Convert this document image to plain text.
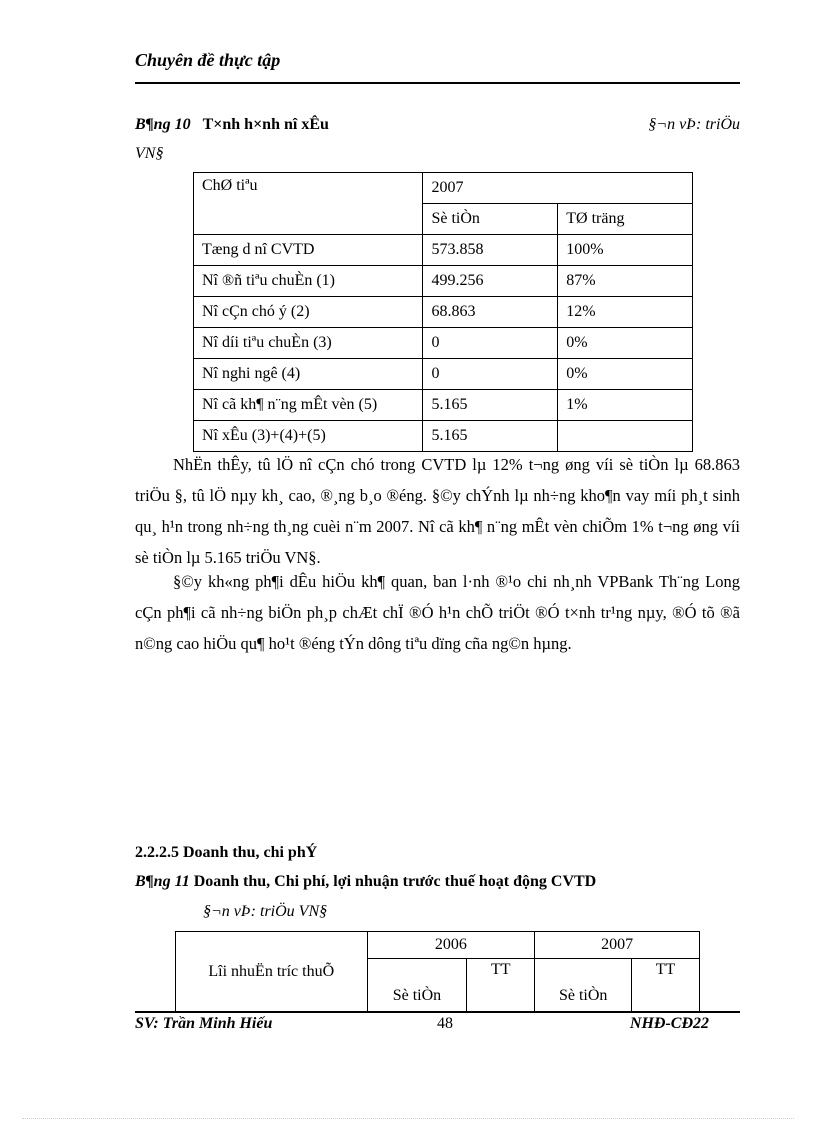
Chuyên đề thực tập
B¶ng 10 T×nh h×nh nî xÊu	§¬n vÞ: triÖu
VN§
ChØ tiªu	2007	
	Sè tiÒn	TØ träng
Tæng d nî CVTD	573.858	100%
Nî ®ñ tiªu chuÈn (1)	499.256	87%
Nî cÇn chó ý (2)	68.863	12%
Nî díi tiªu chuÈn (3)	0	0%
Nî nghi ngê (4)	0	0%
Nî cã kh¶ n¨ng mÊt vèn (5)	5.165	1%
Nî xÊu (3)+(4)+(5)	5.165	

NhËn thÊy, tû lÖ nî cÇn chó trong CVTD lµ 12% t¬ng øng víi sè tiÒn lµ 68.863 triÖu §, tû lÖ nµy kh¸ cao, ®¸ng b¸o ®éng. §©y chÝnh lµ nh÷ng kho¶n vay míi ph¸t sinh qu¸ h¹n trong nh÷ng th¸ng cuèi n¨m 2007. Nî cã kh¶ n¨ng mÊt vèn chiÕm 1% t¬ng øng víi sè tiÒn lµ 5.165 triÖu VN§.

§©y kh«ng ph¶i dÊu hiÖu kh¶ quan, ban l·nh ®¹o chi nh¸nh VPBank Th¨ng Long cÇn ph¶i cã nh÷ng biÖn ph¸p chÆt chÏ ®Ó h¹n chÕ triÖt ®Ó t×nh tr¹ng nµy, ®Ó tõ ®ã n©ng cao hiÖu qu¶ ho¹t ®éng tÝn dông tiªu dïng cña ng©n hµng.

2.2.2.5 Doanh thu, chi phÝ
B¶ng 11 Doanh thu, Chi phí, lợi nhuận trước thuế hoạt động CVTD
§¬n vÞ: triÖu VN§
Lîi nhuËn tríc thuÕ	2006		2007	
	Sè tiÒn	TT	Sè tiÒn	TT
SV: Trần Minh Hiếu	48	NHĐ-CĐ22
